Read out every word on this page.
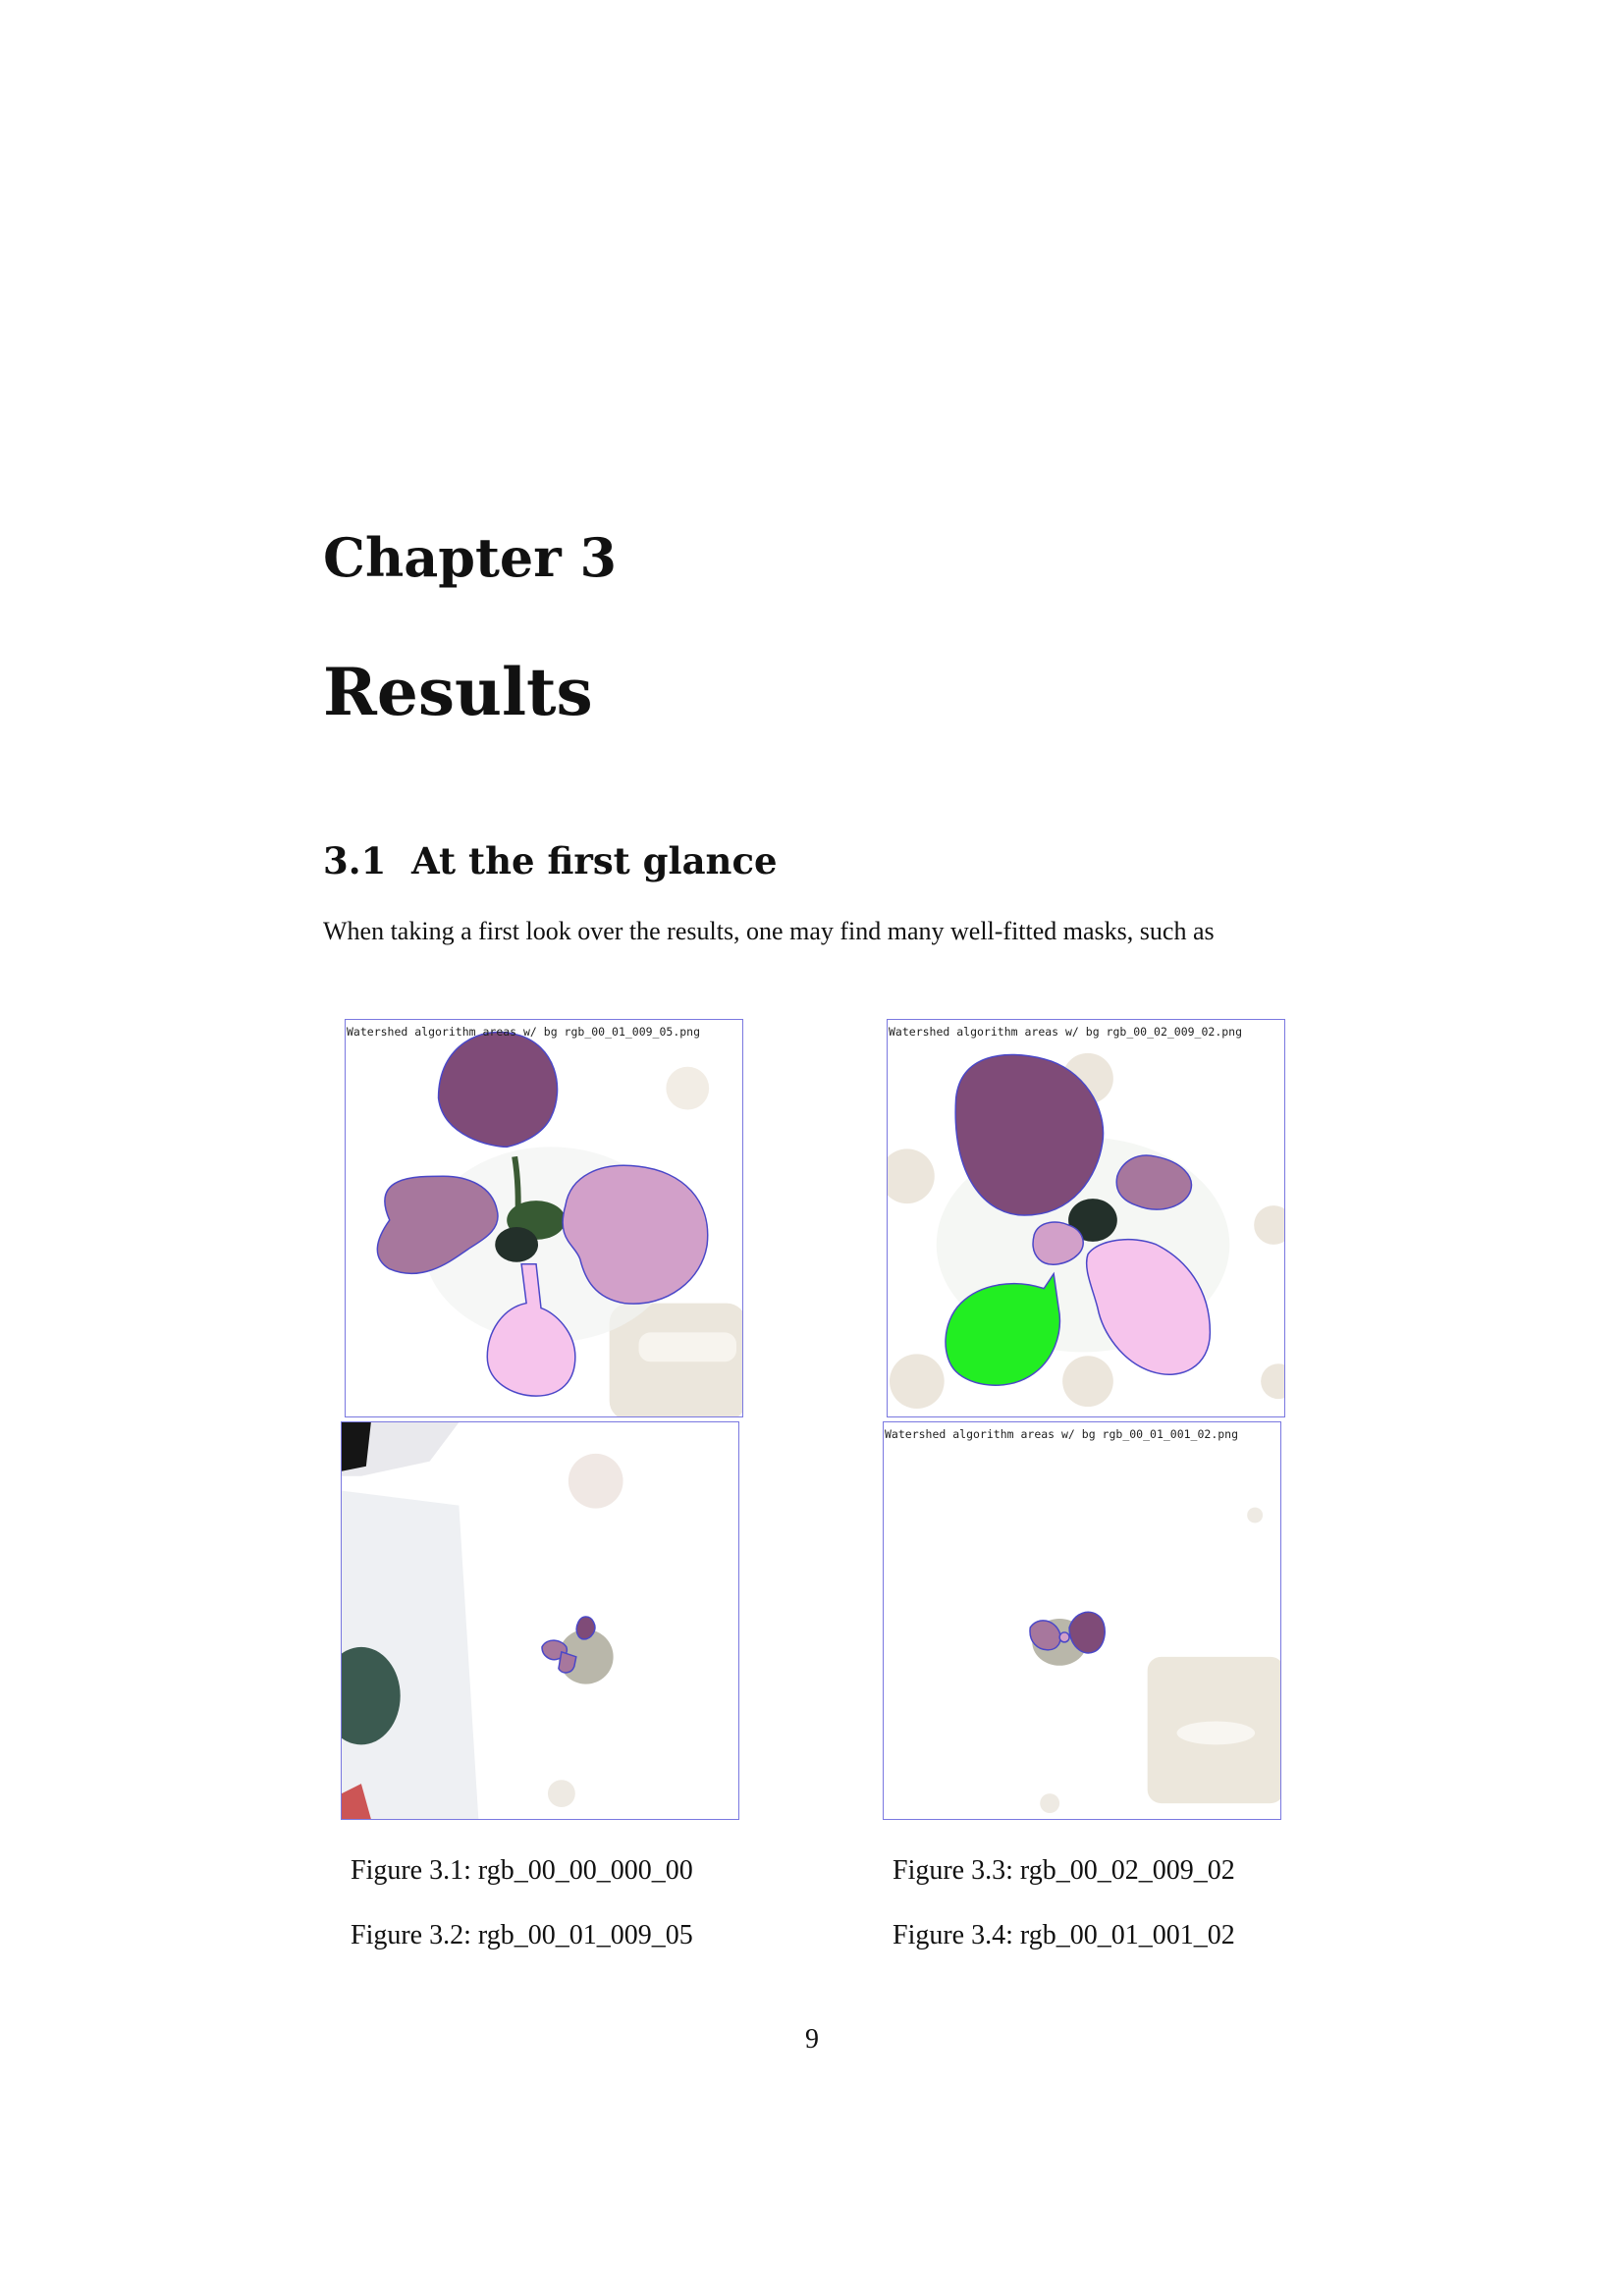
Chapter 3
Results
3.1 At the first glance
When taking a first look over the results, one may find many well-fitted masks, such as
Watershed algorithm areas w/ bg rgb_00_01_009_05.png	Watershed algorithm areas w/ bg rgb_00_02_009_02.png
Watershed algorithm areas w/ bg rgb_00_01_001_02.png
Figure 3.1: rgb_00_00_000_00	Figure 3.3: rgb_00_02_009_02
Figure 3.2: rgb_00_01_009_05	Figure 3.4: rgb_00_01_001_02
9
